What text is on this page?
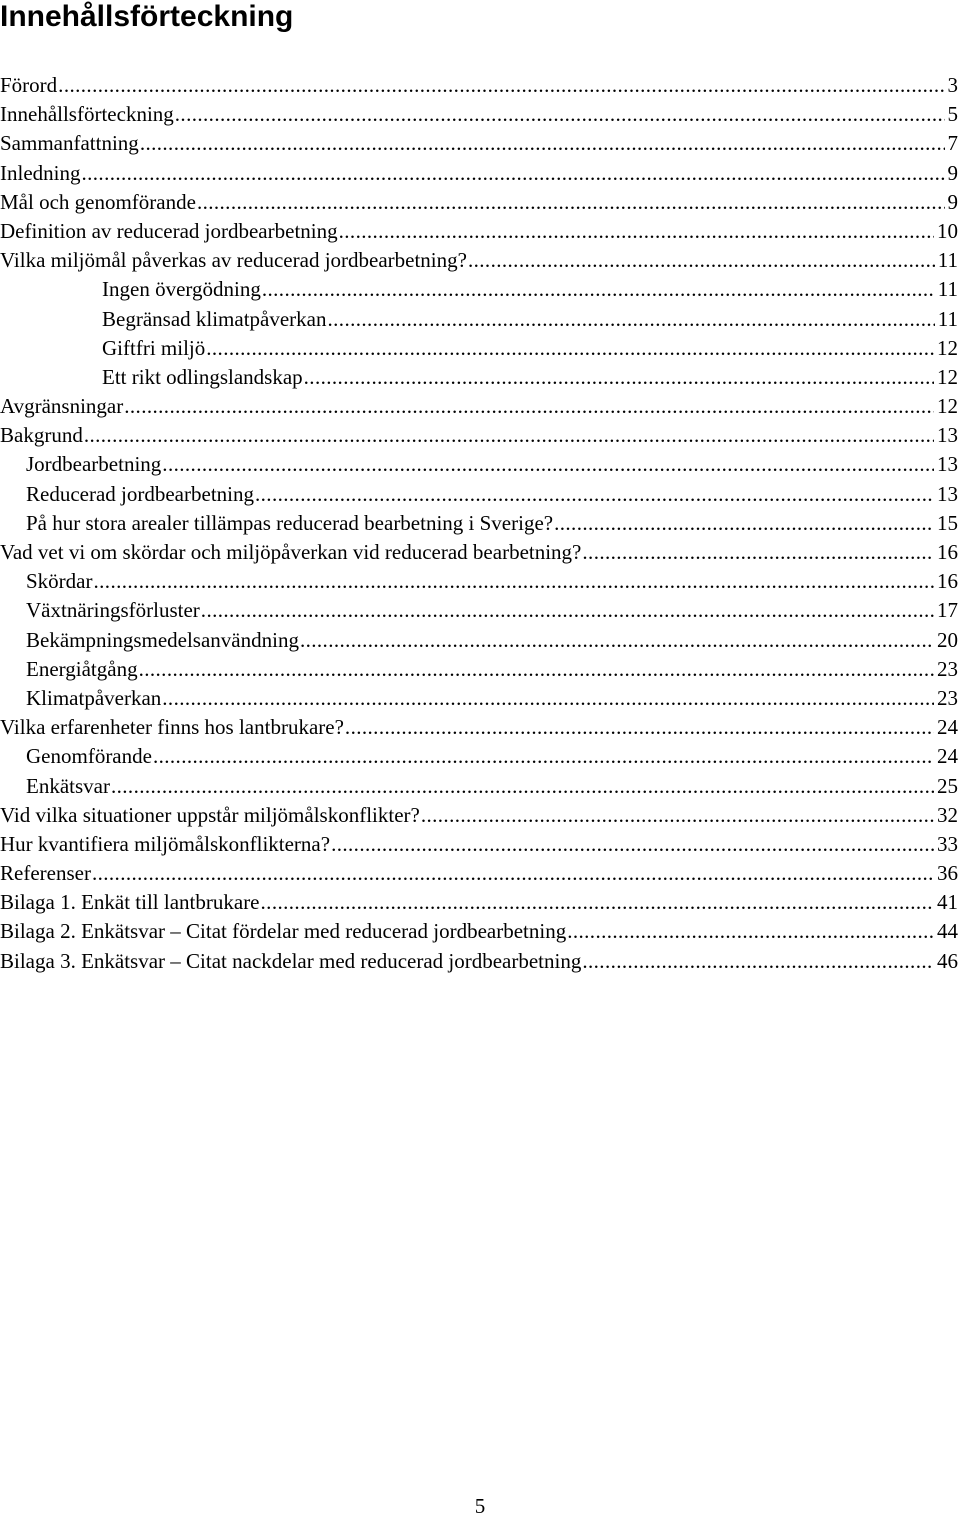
Innehållsförteckning
Förord .....	3
Innehållsförteckning .....	5
Sammanfattning .....	7
Inledning .....	9
Mål och genomförande .....	9
Definition av reducerad jordbearbetning .....	10
Vilka miljömål påverkas av reducerad jordbearbetning? .....	11
Ingen övergödning .....	11
Begränsad klimatpåverkan .....	11
Giftfri miljö .....	12
Ett rikt odlingslandskap .....	12
Avgränsningar .....	12
Bakgrund .....	13
Jordbearbetning .....	13
Reducerad jordbearbetning .....	13
På hur stora arealer tillämpas reducerad bearbetning i Sverige? .....	15
Vad vet vi om skördar och miljöpåverkan vid reducerad bearbetning? .....	16
Skördar .....	16
Växtnäringsförluster .....	17
Bekämpningsmedelsanvändning .....	20
Energiåtgång .....	23
Klimatpåverkan .....	23
Vilka erfarenheter finns hos lantbrukare? .....	24
Genomförande .....	24
Enkätsvar .....	25
Vid vilka situationer uppstår miljömålskonflikter? .....	32
Hur kvantifiera miljömålskonflikterna? .....	33
Referenser .....	36
Bilaga 1. Enkät till lantbrukare .....	41
Bilaga 2. Enkätsvar – Citat fördelar med reducerad jordbearbetning .....	44
Bilaga 3. Enkätsvar – Citat nackdelar med reducerad jordbearbetning .....	46
5
